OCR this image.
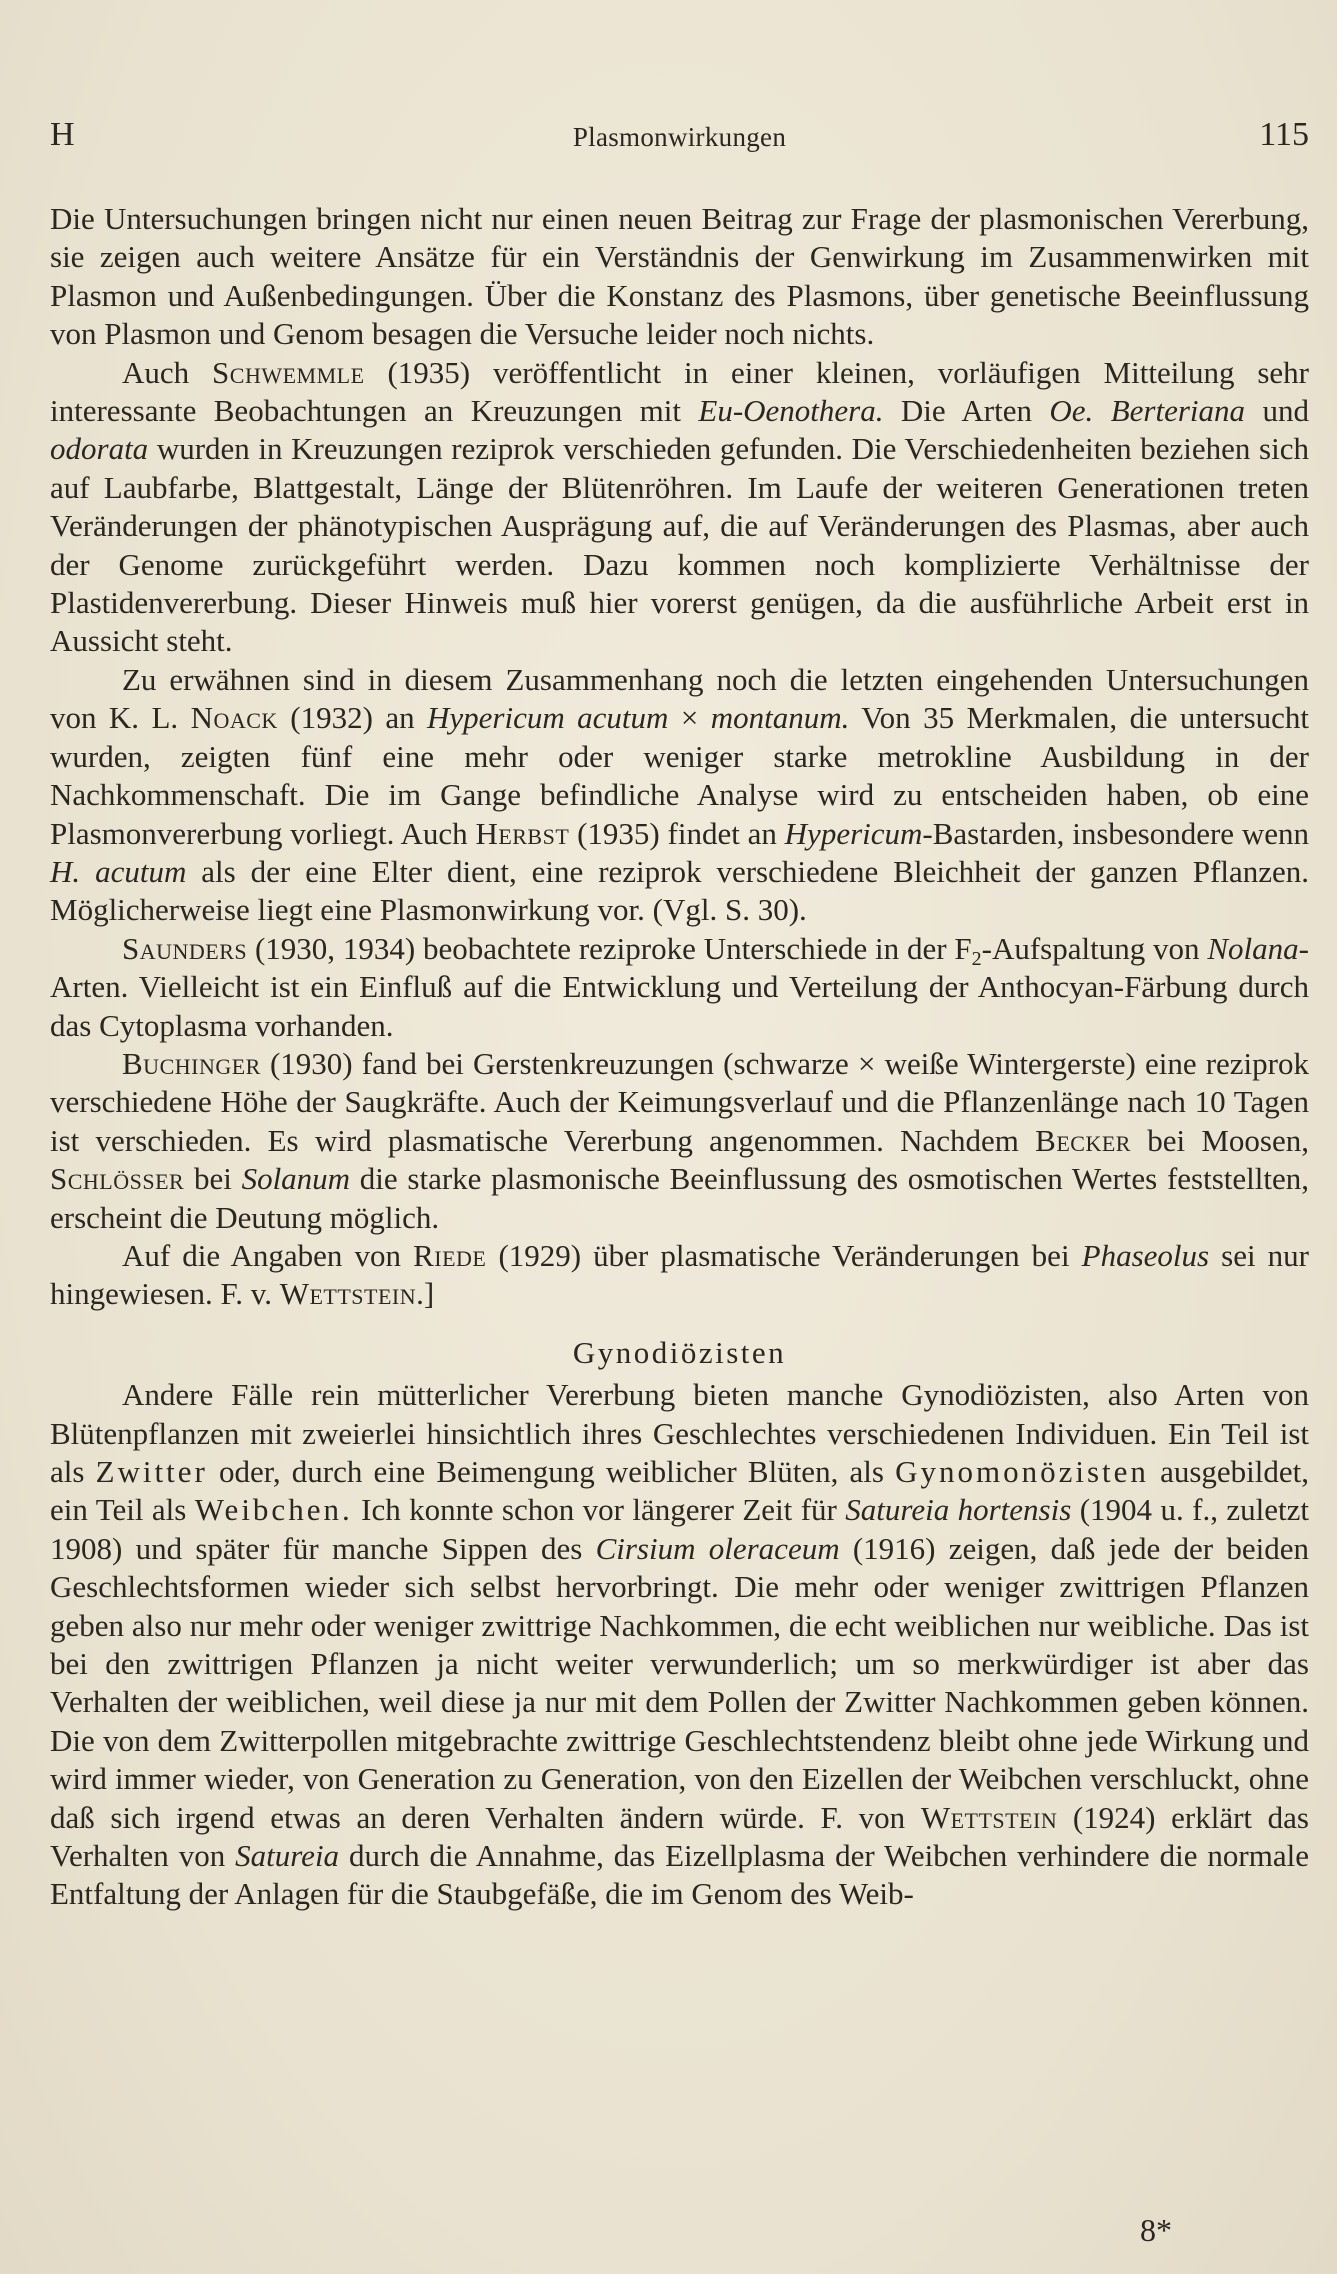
H	Plasmonwirkungen	115

Die Untersuchungen bringen nicht nur einen neuen Beitrag zur Frage der plasmonischen Vererbung, sie zeigen auch weitere Ansätze für ein Verständnis der Genwirkung im Zusammenwirken mit Plasmon und Außenbedingungen. Über die Konstanz des Plasmons, über genetische Beeinflussung von Plasmon und Genom besagen die Versuche leider noch nichts.

Auch Schwemmle (1935) veröffentlicht in einer kleinen, vorläufigen Mitteilung sehr interessante Beobachtungen an Kreuzungen mit Eu-Oenothera. Die Arten Oe. Berteriana und odorata wurden in Kreuzungen reziprok verschieden gefunden. Die Verschiedenheiten beziehen sich auf Laubfarbe, Blattgestalt, Länge der Blütenröhren. Im Laufe der weiteren Generationen treten Veränderungen der phänotypischen Ausprägung auf, die auf Veränderungen des Plasmas, aber auch der Genome zurückgeführt werden. Dazu kommen noch komplizierte Verhältnisse der Plastidenvererbung. Dieser Hinweis muß hier vorerst genügen, da die ausführliche Arbeit erst in Aussicht steht.

Zu erwähnen sind in diesem Zusammenhang noch die letzten eingehenden Untersuchungen von K. L. Noack (1932) an Hypericum acutum × montanum. Von 35 Merkmalen, die untersucht wurden, zeigten fünf eine mehr oder weniger starke metrokline Ausbildung in der Nachkommenschaft. Die im Gange befindliche Analyse wird zu entscheiden haben, ob eine Plasmonvererbung vorliegt. Auch Herbst (1935) findet an Hypericum-Bastarden, insbesondere wenn H. acutum als der eine Elter dient, eine reziprok verschiedene Bleichheit der ganzen Pflanzen. Möglicherweise liegt eine Plasmonwirkung vor. (Vgl. S. 30).

Saunders (1930, 1934) beobachtete reziproke Unterschiede in der $F_2$-Aufspaltung von Nolana-Arten. Vielleicht ist ein Einfluß auf die Entwicklung und Verteilung der Anthocyan-Färbung durch das Cytoplasma vorhanden.

Buchinger (1930) fand bei Gerstenkreuzungen (schwarze × weiße Wintergerste) eine reziprok verschiedene Höhe der Saugkräfte. Auch der Keimungsverlauf und die Pflanzenlänge nach 10 Tagen ist verschieden. Es wird plasmatische Vererbung angenommen. Nachdem Becker bei Moosen, Schlösser bei Solanum die starke plasmonische Beeinflussung des osmotischen Wertes feststellten, erscheint die Deutung möglich.

Auf die Angaben von Riede (1929) über plasmatische Veränderungen bei Phaseolus sei nur hingewiesen. F. v. Wettstein.]

Gynodiözisten

Andere Fälle rein mütterlicher Vererbung bieten manche Gynodiözisten, also Arten von Blütenpflanzen mit zweierlei hinsichtlich ihres Geschlechtes verschiedenen Individuen. Ein Teil ist als Zwitter oder, durch eine Beimengung weiblicher Blüten, als Gynomonözisten ausgebildet, ein Teil als Weibchen. Ich konnte schon vor längerer Zeit für Satureia hortensis (1904 u. f., zuletzt 1908) und später für manche Sippen des Cirsium oleraceum (1916) zeigen, daß jede der beiden Geschlechtsformen wieder sich selbst hervorbringt. Die mehr oder weniger zwittrigen Pflanzen geben also nur mehr oder weniger zwittrige Nachkommen, die echt weiblichen nur weibliche. Das ist bei den zwittrigen Pflanzen ja nicht weiter verwunderlich; um so merkwürdiger ist aber das Verhalten der weiblichen, weil diese ja nur mit dem Pollen der Zwitter Nachkommen geben können. Die von dem Zwitterpollen mitgebrachte zwittrige Geschlechtstendenz bleibt ohne jede Wirkung und wird immer wieder, von Generation zu Generation, von den Eizellen der Weibchen verschluckt, ohne daß sich irgend etwas an deren Verhalten ändern würde. F. von Wettstein (1924) erklärt das Verhalten von Satureia durch die Annahme, das Eizellplasma der Weibchen verhindere die normale Entfaltung der Anlagen für die Staubgefäße, die im Genom des Weib-

8*
